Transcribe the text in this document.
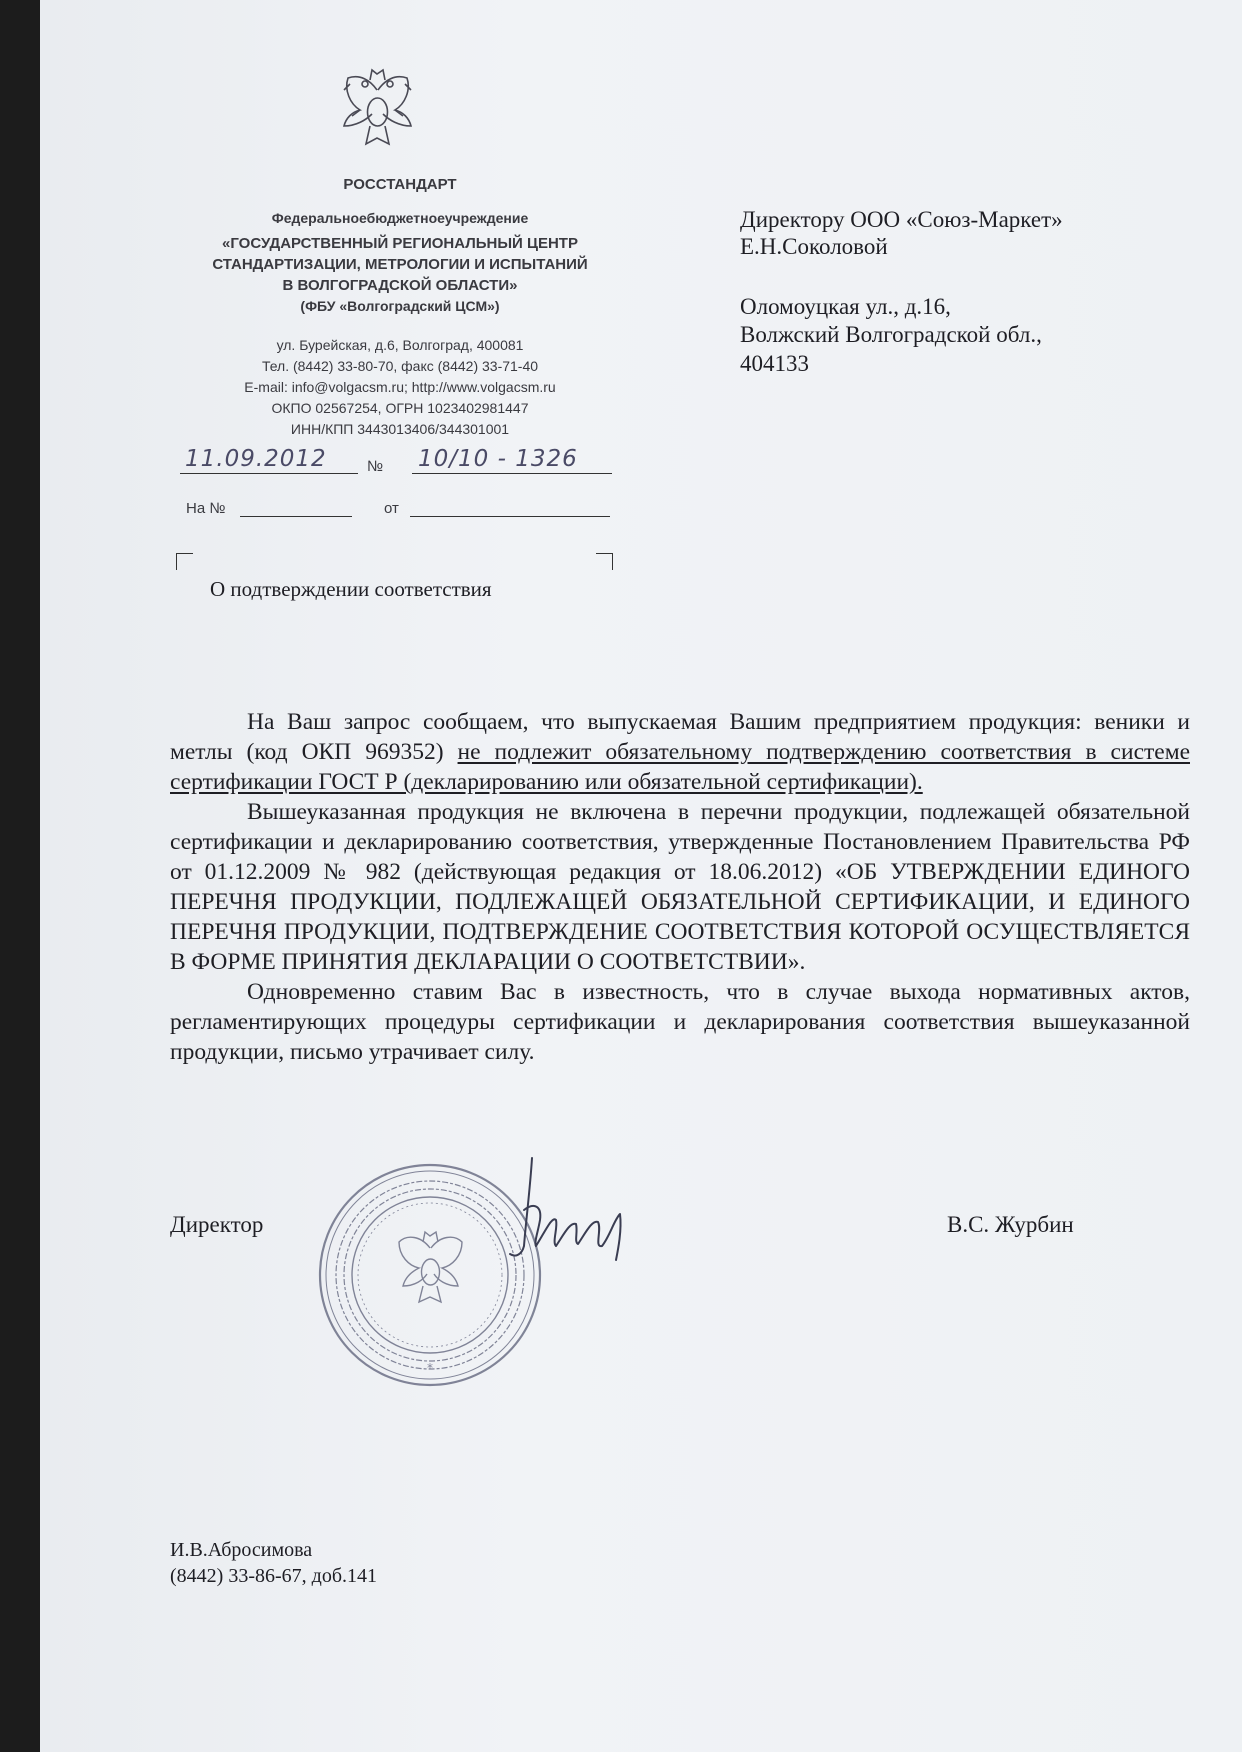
РОССТАНДАРТ
Федеральноебюджетноеучреждение
«ГОСУДАРСТВЕННЫЙ РЕГИОНАЛЬНЫЙ ЦЕНТР
СТАНДАРТИЗАЦИИ, МЕТРОЛОГИИ И ИСПЫТАНИЙ
В ВОЛГОГРАДСКОЙ ОБЛАСТИ»
(ФБУ «Волгоградский ЦСМ»)
ул. Бурейская, д.6, Волгоград, 400081
Тел. (8442) 33-80-70, факс (8442) 33-71-40
E-mail: info@volgacsm.ru; http://www.volgacsm.ru
ОКПО 02567254, ОГРН 1023402981447
ИНН/КПП 3443013406/344301001
11.09.2012	№ 10/10 - 1326
На №	от
О подтверждении соответствия
Директору ООО «Союз-Маркет»
Е.Н.Соколовой
Оломоуцкая ул., д.16,
Волжский Волгоградской обл.,
404133

На Ваш запрос сообщаем, что выпускаемая Вашим предприятием продукция: веники и метлы (код ОКП 969352) не подлежит обязательному подтверждению соответствия в системе сертификации ГОСТ Р (декларированию или обязательной сертификации).

Вышеуказанная продукция не включена в перечни продукции, подлежащей обязательной сертификации и декларированию соответствия, утвержденные Постановлением Правительства РФ от 01.12.2009 № 982 (действующая редакция от 18.06.2012) «ОБ УТВЕРЖДЕНИИ ЕДИНОГО ПЕРЕЧНЯ ПРОДУКЦИИ, ПОДЛЕЖАЩЕЙ ОБЯЗАТЕЛЬНОЙ СЕРТИФИКАЦИИ, И ЕДИНОГО ПЕРЕЧНЯ ПРОДУКЦИИ, ПОДТВЕРЖДЕНИЕ СООТВЕТСТВИЯ КОТОРОЙ ОСУЩЕСТВЛЯЕТСЯ В ФОРМЕ ПРИНЯТИЯ ДЕКЛАРАЦИИ О СООТВЕТСТВИИ».

Одновременно ставим Вас в известность, что в случае выхода нормативных актов, регламентирующих процедуры сертификации и декларирования соответствия вышеуказанной продукции, письмо утрачивает силу.

*
Директор	В.С. Журбин
И.В.Абросимова
(8442) 33-86-67, доб.141
